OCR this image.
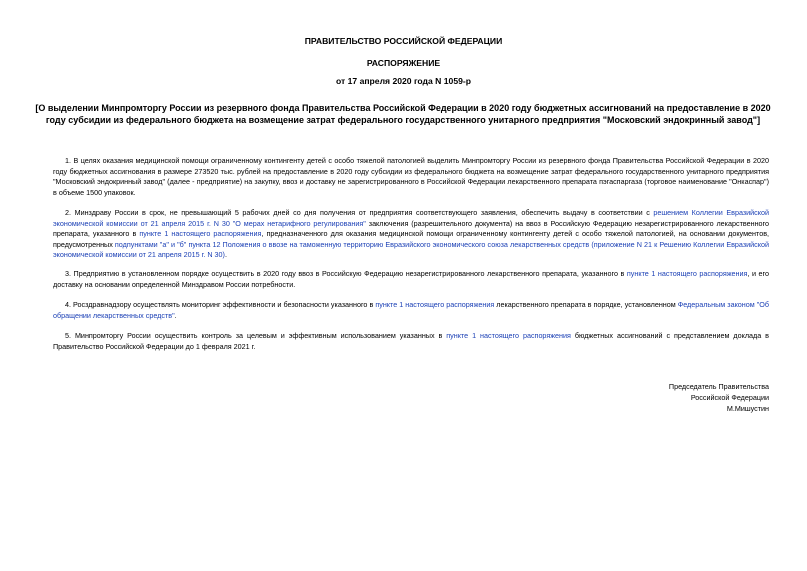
ПРАВИТЕЛЬСТВО РОССИЙСКОЙ ФЕДЕРАЦИИ
РАСПОРЯЖЕНИЕ
от 17 апреля 2020 года N 1059-р
[О выделении Минпромторгу России из резервного фонда Правительства Российской Федерации в 2020 году бюджетных ассигнований на предоставление в 2020 году субсидии из федерального бюджета на возмещение затрат федерального государственного унитарного предприятия "Московский эндокринный завод"]
1. В целях оказания медицинской помощи ограниченному контингенту детей с особо тяжелой патологией выделить Минпромторгу России из резервного фонда Правительства Российской Федерации в 2020 году бюджетных ассигнования в размере 273520 тыс. рублей на предоставление в 2020 году субсидии из федерального бюджета на возмещение затрат федерального государственного унитарного предприятия "Московский эндокринный завод" (далее - предприятие) на закупку, ввоз и доставку не зарегистрированного в Российской Федерации лекарственного препарата пэгаспаргаза (торговое наименование "Онкаспар") в объеме 1500 упаковок.
2. Минздраву России в срок, не превышающий 5 рабочих дней со дня получения от предприятия соответствующего заявления, обеспечить выдачу в соответствии с решением Коллегии Евразийской экономической комиссии от 21 апреля 2015 г. N 30 "О мерах нетарифного регулирования" заключения (разрешительного документа) на ввоз в Российскую Федерацию незарегистрированного лекарственного препарата, указанного в пункте 1 настоящего распоряжения, предназначенного для оказания медицинской помощи ограниченному контингенту детей с особо тяжелой патологией, на основании документов, предусмотренных подпунктами "а" и "б" пункта 12 Положения о ввозе на таможенную территорию Евразийского экономического союза лекарственных средств (приложение N 21 к Решению Коллегии Евразийской экономической комиссии от 21 апреля 2015 г. N 30).
3. Предприятию в установленном порядке осуществить в 2020 году ввоз в Российскую Федерацию незарегистрированного лекарственного препарата, указанного в пункте 1 настоящего распоряжения, и его доставку на основании определенной Минздравом России потребности.
4. Росздравнадзору осуществлять мониторинг эффективности и безопасности указанного в пункте 1 настоящего распоряжения лекарственного препарата в порядке, установленном Федеральным законом "Об обращении лекарственных средств".
5. Минпромторгу России осуществить контроль за целевым и эффективным использованием указанных в пункте 1 настоящего распоряжения бюджетных ассигнований с представлением доклада в Правительство Российской Федерации до 1 февраля 2021 г.
Председатель Правительства
Российской Федерации
М.Мишустин
